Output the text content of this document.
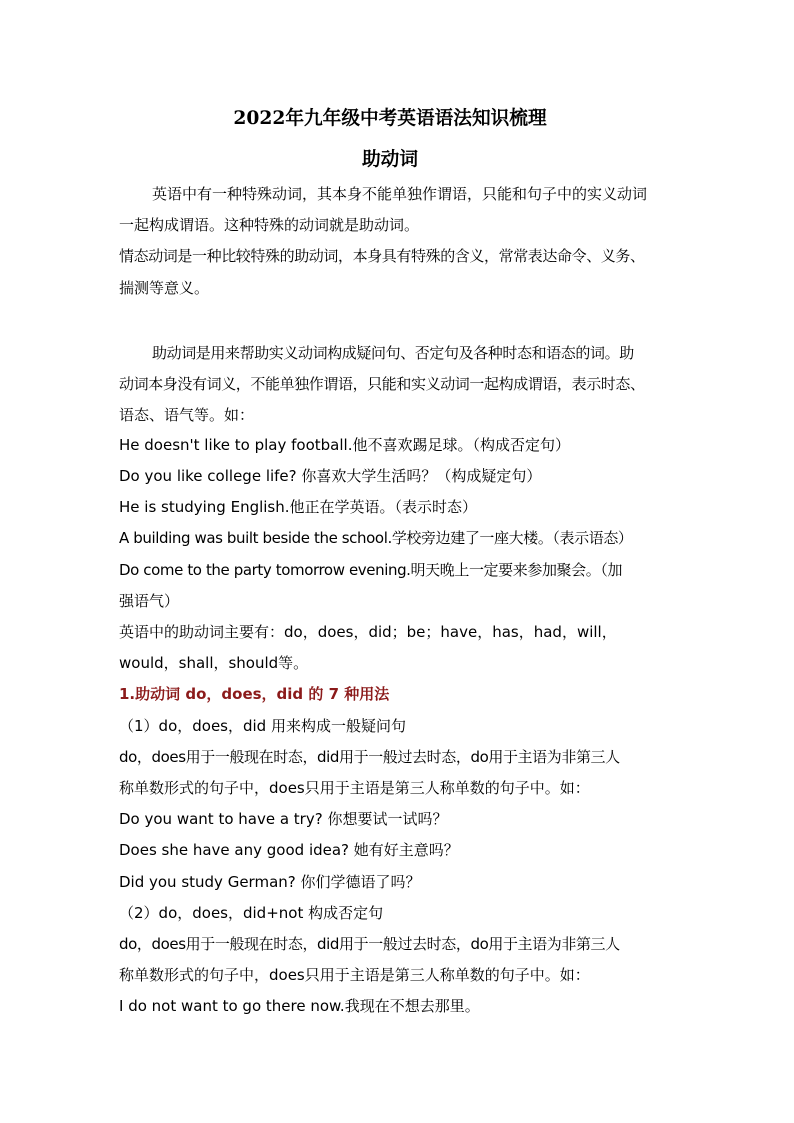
2022年九年级中考英语语法知识梳理
助动词
英语中有一种特殊动词，其本身不能单独作谓语，只能和句子中的实义动词
一起构成谓语。这种特殊的动词就是助动词。
情态动词是一种比较特殊的助动词，本身具有特殊的含义，常常表达命令、义务、
揣测等意义。
助动词是用来帮助实义动词构成疑问句、否定句及各种时态和语态的词。助
动词本身没有词义，不能单独作谓语，只能和实义动词一起构成谓语，表示时态、
语态、语气等。如：
He doesn't like to play football.他不喜欢踢足球。（构成否定句）
Do you like college life? 你喜欢大学生活吗？（构成疑定句）
He is studying English.他正在学英语。（表示时态）
A building was built beside the school.学校旁边建了一座大楼。（表示语态）
Do come to the party tomorrow evening.明天晚上一定要来参加聚会。（加
强语气）
英语中的助动词主要有：do，does，did；be；have，has，had，will，
would，shall，should等。
1.助动词 do，does，did 的 7 种用法
（1）do，does，did 用来构成一般疑问句
do，does用于一般现在时态，did用于一般过去时态，do用于主语为非第三人
称单数形式的句子中，does只用于主语是第三人称单数的句子中。如：
Do you want to have a try? 你想要试一试吗？
Does she have any good idea? 她有好主意吗？
Did you study German? 你们学德语了吗？
（2）do，does，did+not 构成否定句
do，does用于一般现在时态，did用于一般过去时态，do用于主语为非第三人
称单数形式的句子中，does只用于主语是第三人称单数的句子中。如：
I do not want to go there now.我现在不想去那里。
